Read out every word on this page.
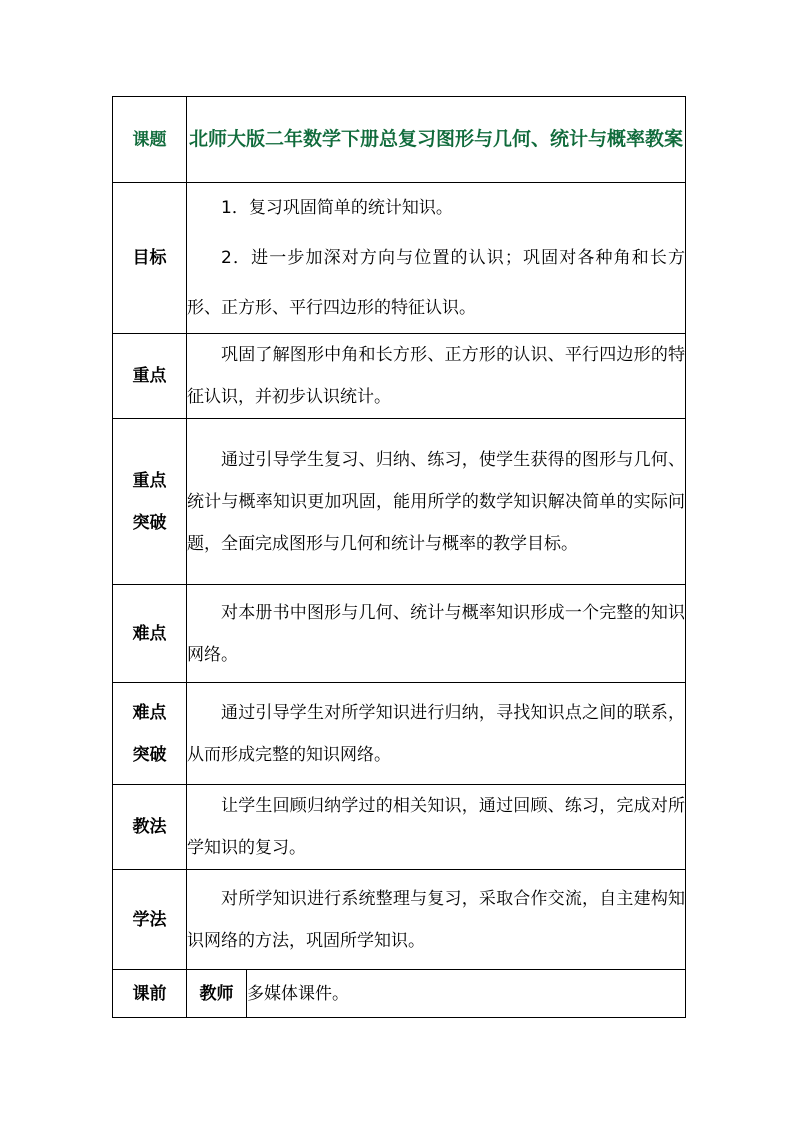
课题	北师大版二年数学下册总复习图形与几何、统计与概率教案	

目标	1．复习巩固简单的统计知识。

2．进一步加深对方向与位置的认识；巩固对各种角和长方形、正方形、平行四边形的特征认识。	

重点	巩固了解图形中角和长方形、正方形的认识、平行四边形的特征认识，并初步认识统计。	

重点
突破	通过引导学生复习、归纳、练习，使学生获得的图形与几何、统计与概率知识更加巩固，能用所学的数学知识解决简单的实际问题，全面完成图形与几何和统计与概率的教学目标。	

难点	对本册书中图形与几何、统计与概率知识形成一个完整的知识网络。	

难点
突破	通过引导学生对所学知识进行归纳，寻找知识点之间的联系，从而形成完整的知识网络。	

教法	让学生回顾归纳学过的相关知识，通过回顾、练习，完成对所学知识的复习。	

学法	对所学知识进行系统整理与复习，采取合作交流，自主建构知识网络的方法，巩固所学知识。	

课前	教师	多媒体课件。
